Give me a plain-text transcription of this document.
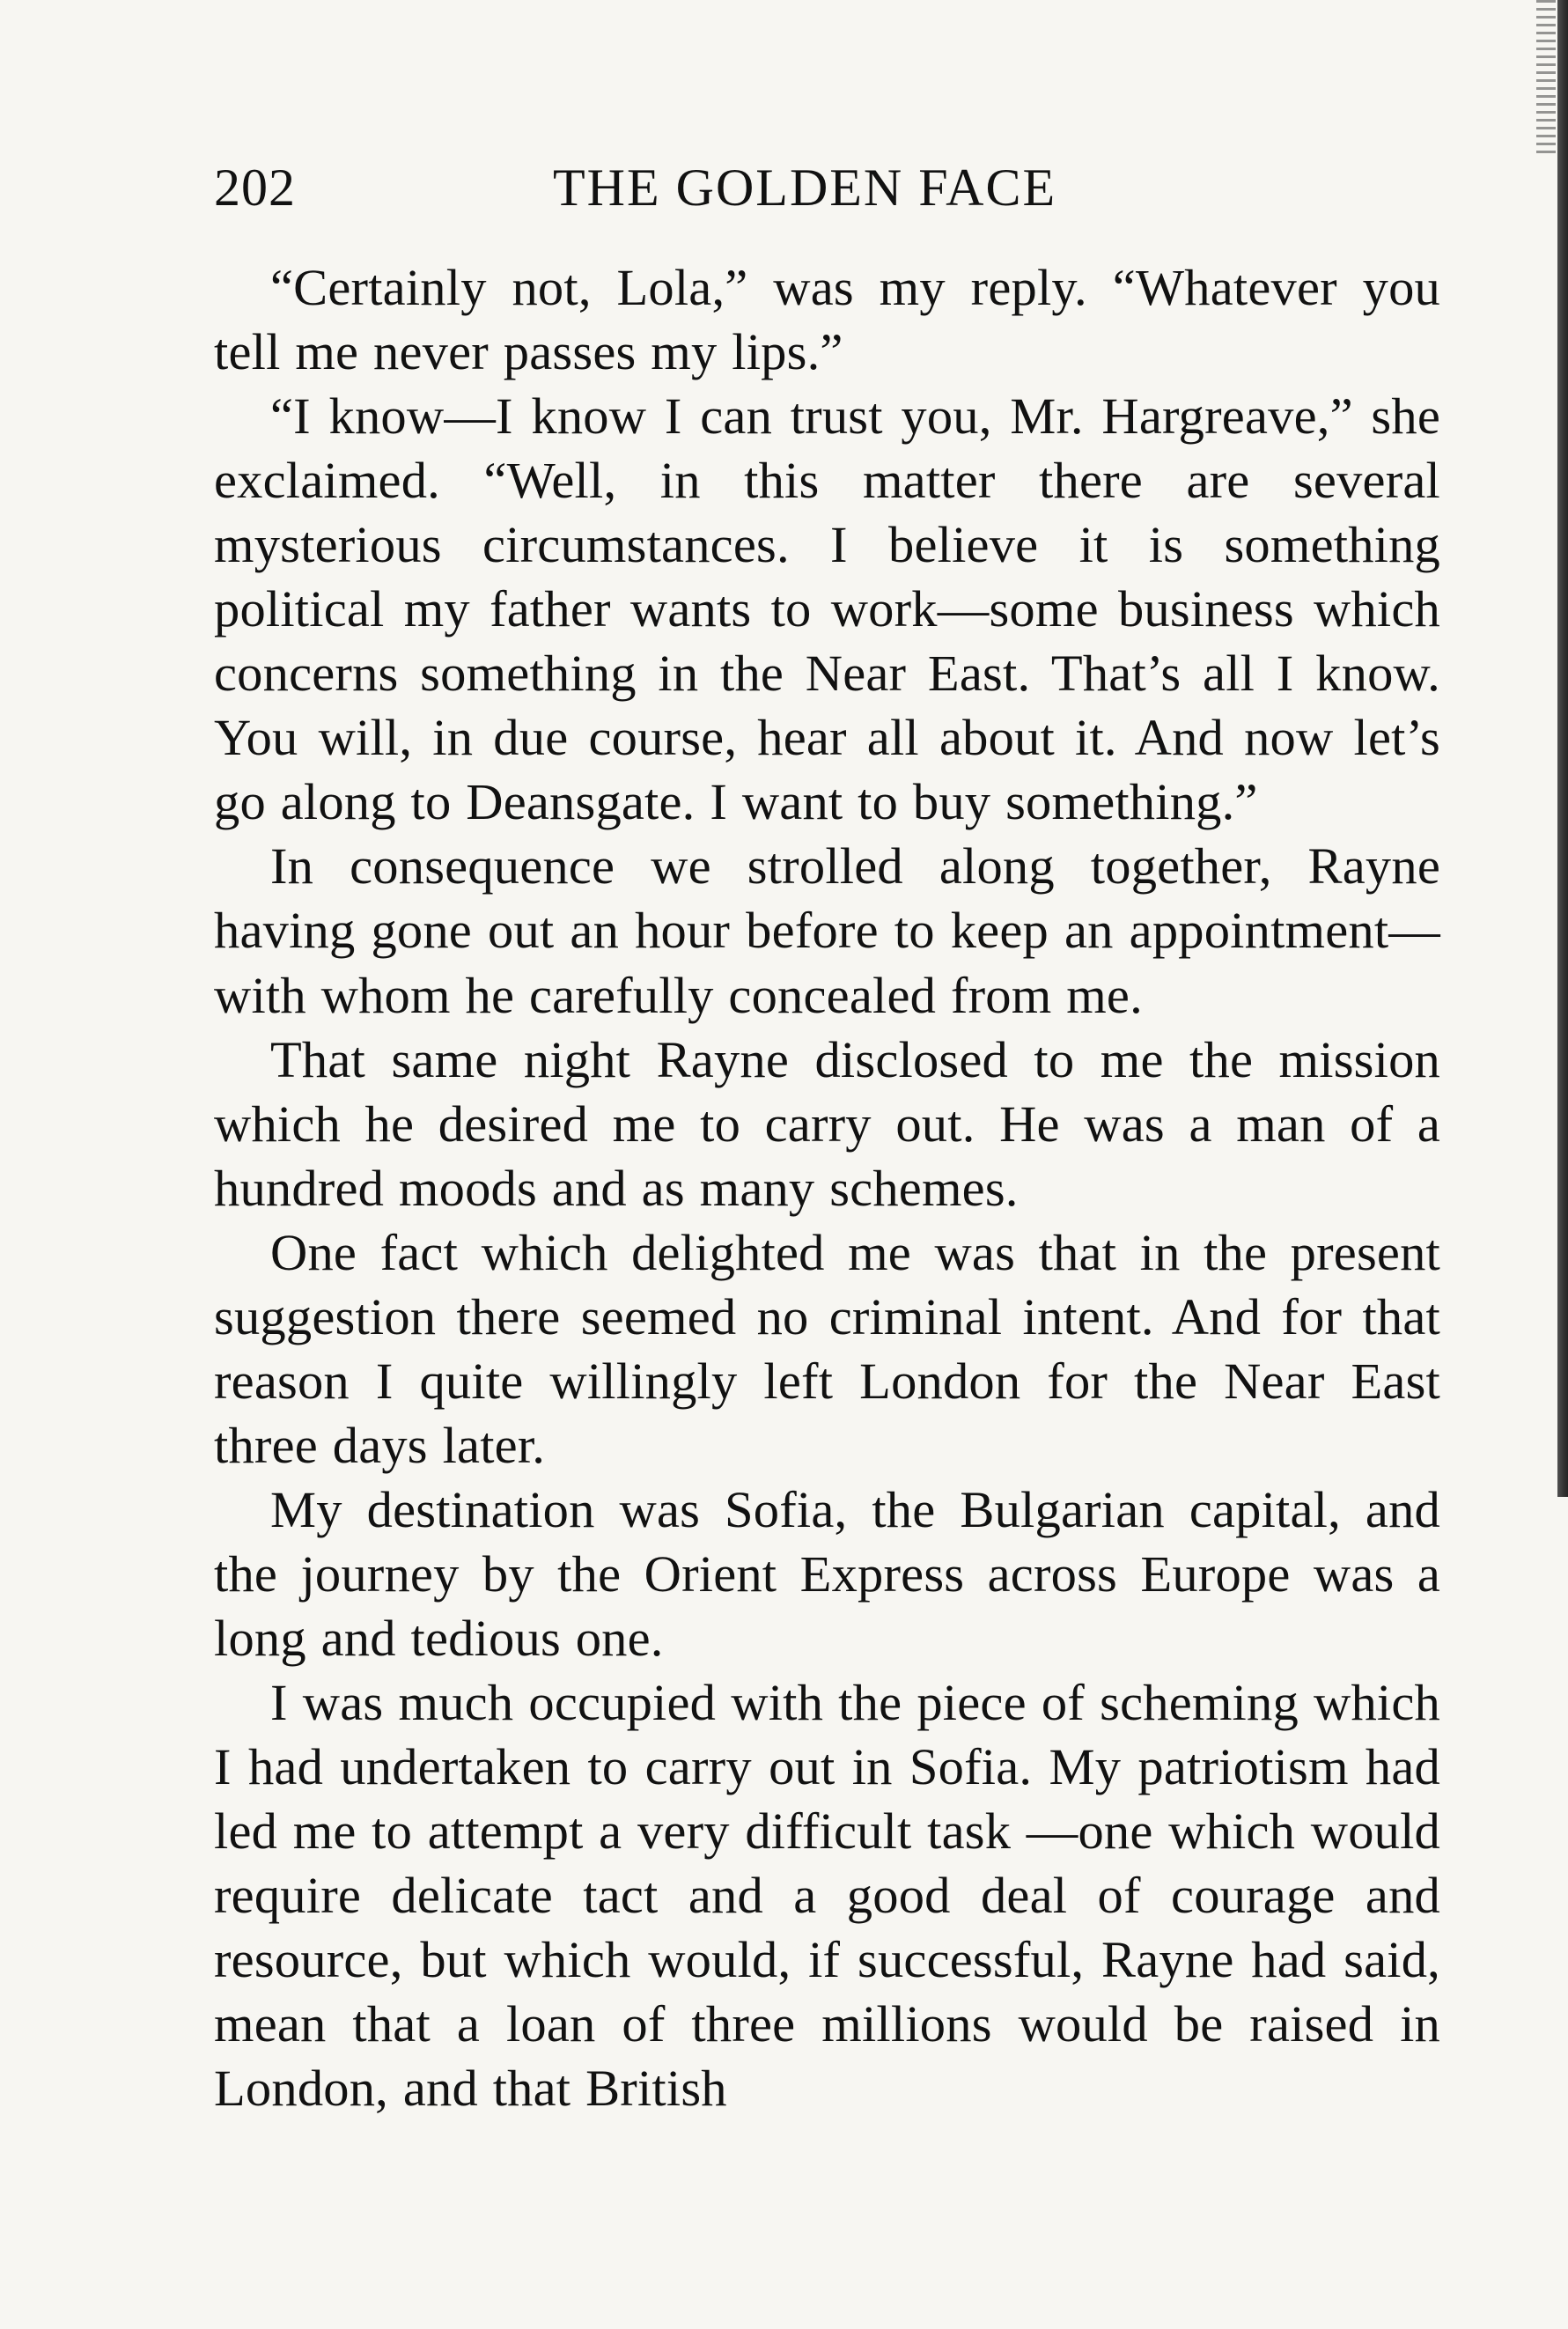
202	THE GOLDEN FACE

“Certainly not, Lola,” was my reply. “Whatever you tell me never passes my lips.”

“I know—I know I can trust you, Mr. Hargreave,” she exclaimed. “Well, in this matter there are several mysterious circumstances. I believe it is something political my father wants to work—some business which concerns something in the Near East. That’s all I know. You will, in due course, hear all about it. And now let’s go along to Deansgate. I want to buy something.”

In consequence we strolled along together, Rayne having gone out an hour before to keep an appointment—with whom he carefully concealed from me.

That same night Rayne disclosed to me the mission which he desired me to carry out. He was a man of a hundred moods and as many schemes.

One fact which delighted me was that in the present suggestion there seemed no criminal intent. And for that reason I quite willingly left London for the Near East three days later.

My destination was Sofia, the Bulgarian capital, and the journey by the Orient Express across Europe was a long and tedious one.

I was much occupied with the piece of scheming which I had undertaken to carry out in Sofia. My patriotism had led me to attempt a very difficult task —one which would require delicate tact and a good deal of courage and resource, but which would, if successful, Rayne had said, mean that a loan of three millions would be raised in London, and that British
